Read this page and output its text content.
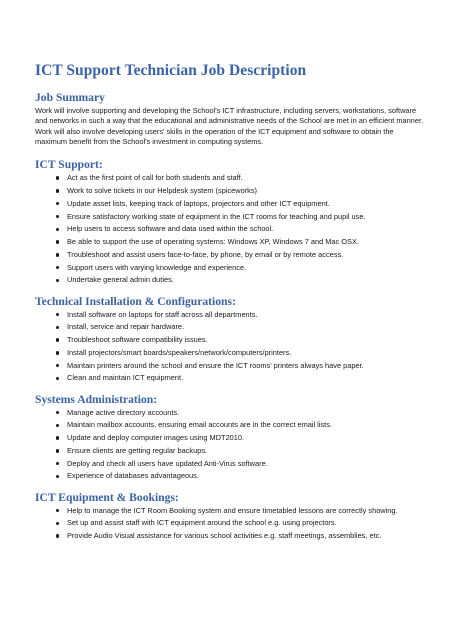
ICT Support Technician Job Description
Job Summary

Work will involve supporting and developing the School's ICT infrastructure, including servers, workstations, software and networks in such a way that the educational and administrative needs of the School are met in an efficient manner. Work will also involve developing users' skills in the operation of the ICT equipment and software to obtain the maximum benefit from the School's investment in computing systems.

ICT Support:
Act as the first point of call for both students and staff.
Work to solve tickets in our Helpdesk system (spiceworks)
Update asset lists, keeping track of laptops, projectors and other ICT equipment.
Ensure satisfactory working state of equipment in the ICT rooms for teaching and pupil use.
Help users to access software and data used within the school.
Be able to support the use of operating systems: Windows XP, Windows 7 and Mac OSX.
Troubleshoot and assist users face-to-face, by phone, by email or by remote access.
Support users with varying knowledge and experience.
Undertake general admin duties.
Technical Installation & Configurations:
Install software on laptops for staff across all departments.
Install, service and repair hardware.
Troubleshoot software compatibility issues.
Install projectors/smart boards/speakers/network/computers/printers.
Maintain printers around the school and ensure the ICT rooms' printers always have paper.
Clean and maintain ICT equipment.
Systems Administration:
Manage active directory accounts.
Maintain mailbox accounts, ensuring email accounts are in the correct email lists.
Update and deploy computer images using MDT2010.
Ensure clients are getting regular backups.
Deploy and check all users have updated Anti-Virus software.
Experience of databases advantageous.
ICT Equipment & Bookings:
Help to manage the ICT Room Booking system and ensure timetabled lessons are correctly showing.
Set up and assist staff with ICT equipment around the school e.g. using projectors.
Provide Audio Visual assistance for various school activities e.g. staff meetings, assemblies, etc.
